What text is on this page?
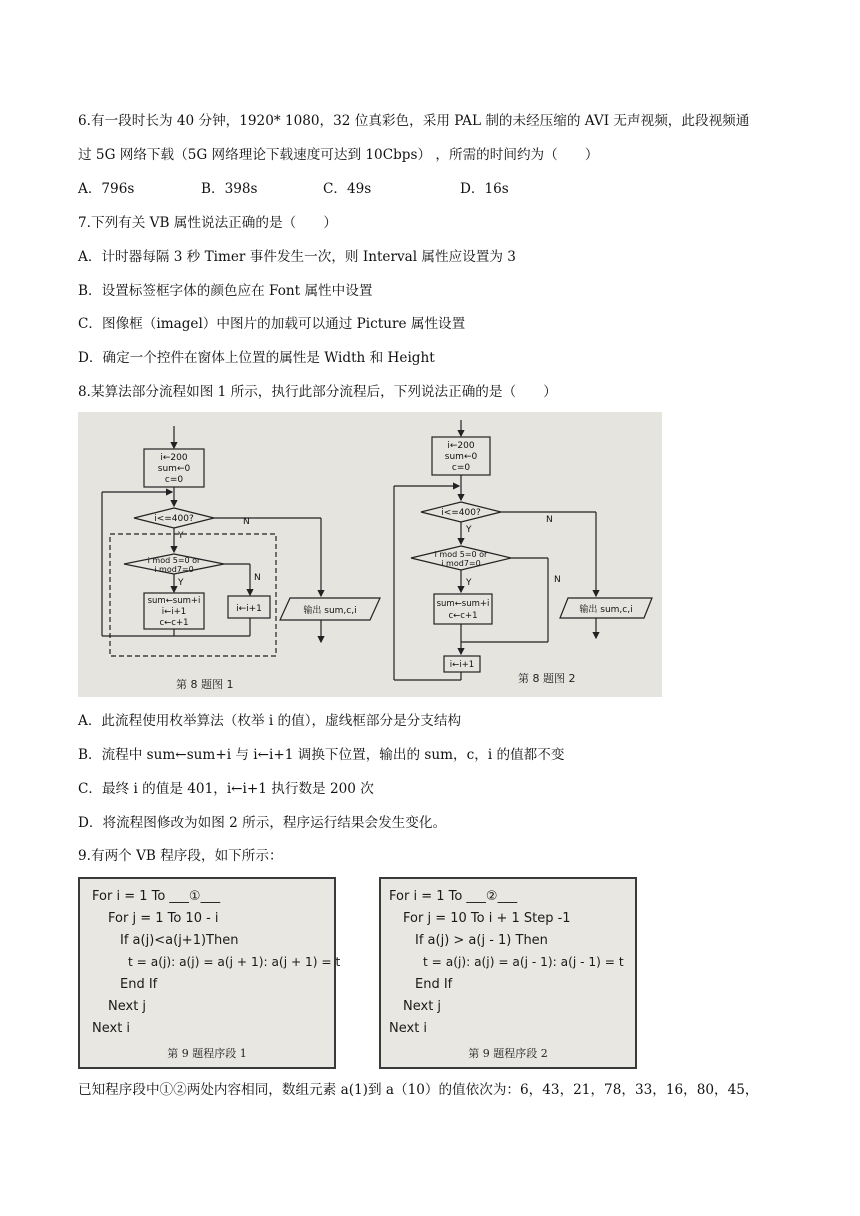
6.有一段时长为 40 分钟，1920* 1080，32 位真彩色，采用 PAL 制的未经压缩的 AVI 无声视频，此段视频通
过 5G 网络下载（5G 网络理论下载速度可达到 10Cbps） ，所需的时间约为（　　）
A．796s	B．398s	C．49s	D．16s
7.下列有关 VB 属性说法正确的是（　　）
A．计时器每隔 3 秒 Timer 事件发生一次，则 Interval 属性应设置为 3
B．设置标签框字体的颜色应在 Font 属性中设置
C．图像框（imagel）中图片的加载可以通过 Picture 属性设置
D．确定一个控件在窗体上位置的属性是 Width 和 Height
8.某算法部分流程如图 1 所示，执行此部分流程后，下列说法正确的是（　　）
i←200
sum←0
c=0
i<=400?	N
Y
i mod 5=0 or
i mod7=0
N
Y
sum←sum+i
i←i+1
c←c+1
i←i+1	输出 sum,c,i
i←200
sum←0
c=0
i<=400?
N
Y
i mod 5=0 or
i mod7=0
N
Y
sum←sum+i
c←c+1
i←i+1
输出 sum,c,i
第 8 题图 1	第 8 题图 2
A．此流程使用枚举算法（枚举 i 的值），虚线框部分是分支结构
B．流程中 sum←sum+i 与 i←i+1 调换下位置，输出的 sum，c，i 的值都不变
C．最终 i 的值是 401，i←i+1 执行数是 200 次
D．将流程图修改为如图 2 所示，程序运行结果会发生变化。
9.有两个 VB 程序段，如下所示：
For i = 1 To ___①___
For j = 1 To 10 - i
If a(j)<a(j+1)Then
t = a(j): a(j) = a(j + 1): a(j + 1) = t
End If
Next j
Next i
第 9 题程序段 1
For i = 1 To ___②___
For j = 10 To i + 1 Step -1
If a(j) > a(j - 1) Then
t = a(j): a(j) = a(j - 1): a(j - 1) = t
End If
Next j
Next i
第 9 题程序段 2
已知程序段中①②两处内容相同，数组元素 a(1)到 a（10）的值依次为：6，43，21，78，33，16，80，45，
